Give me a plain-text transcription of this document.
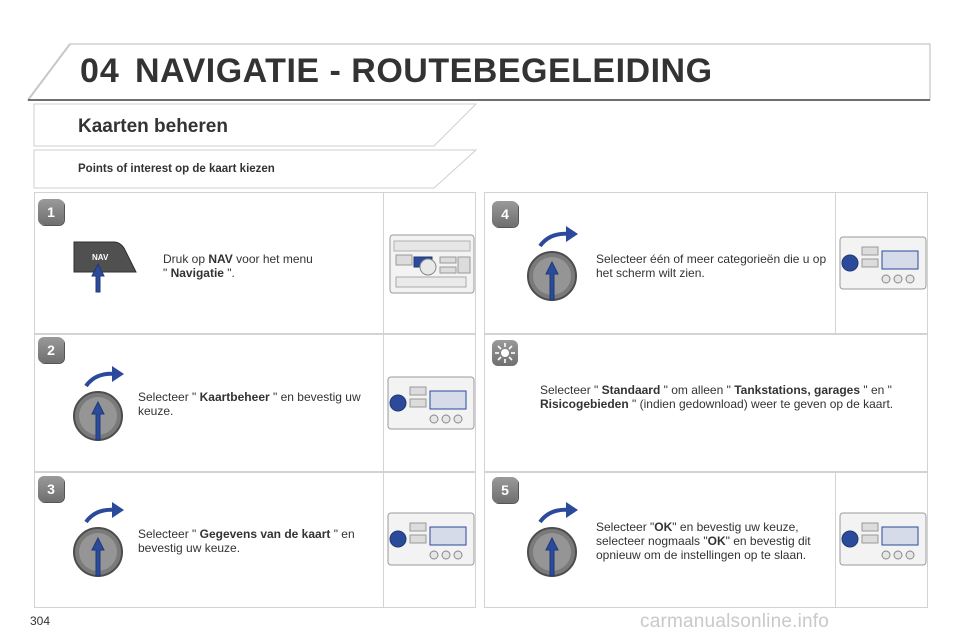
04 NAVIGATIE - ROUTEBEGELEIDING
Kaarten beheren
Points of interest op de kaart kiezen
1
2
3
4
5
NAV	Druk op NAV voor het menu
" Navigatie ".
Selecteer " Kaartbeheer " en bevestig uw keuze.
Selecteer " Gegevens van de kaart " en bevestig uw keuze.
Selecteer één of meer categorieën die u op het scherm wilt zien.
Selecteer " Standaard " om alleen " Tankstations, garages " en " Risicogebieden " (indien gedownload) weer te geven op de kaart.
Selecteer "OK" en bevestig uw keuze, selecteer nogmaals "OK" en bevestig dit opnieuw om de instellingen op te slaan.
304	carmanualsonline.info
